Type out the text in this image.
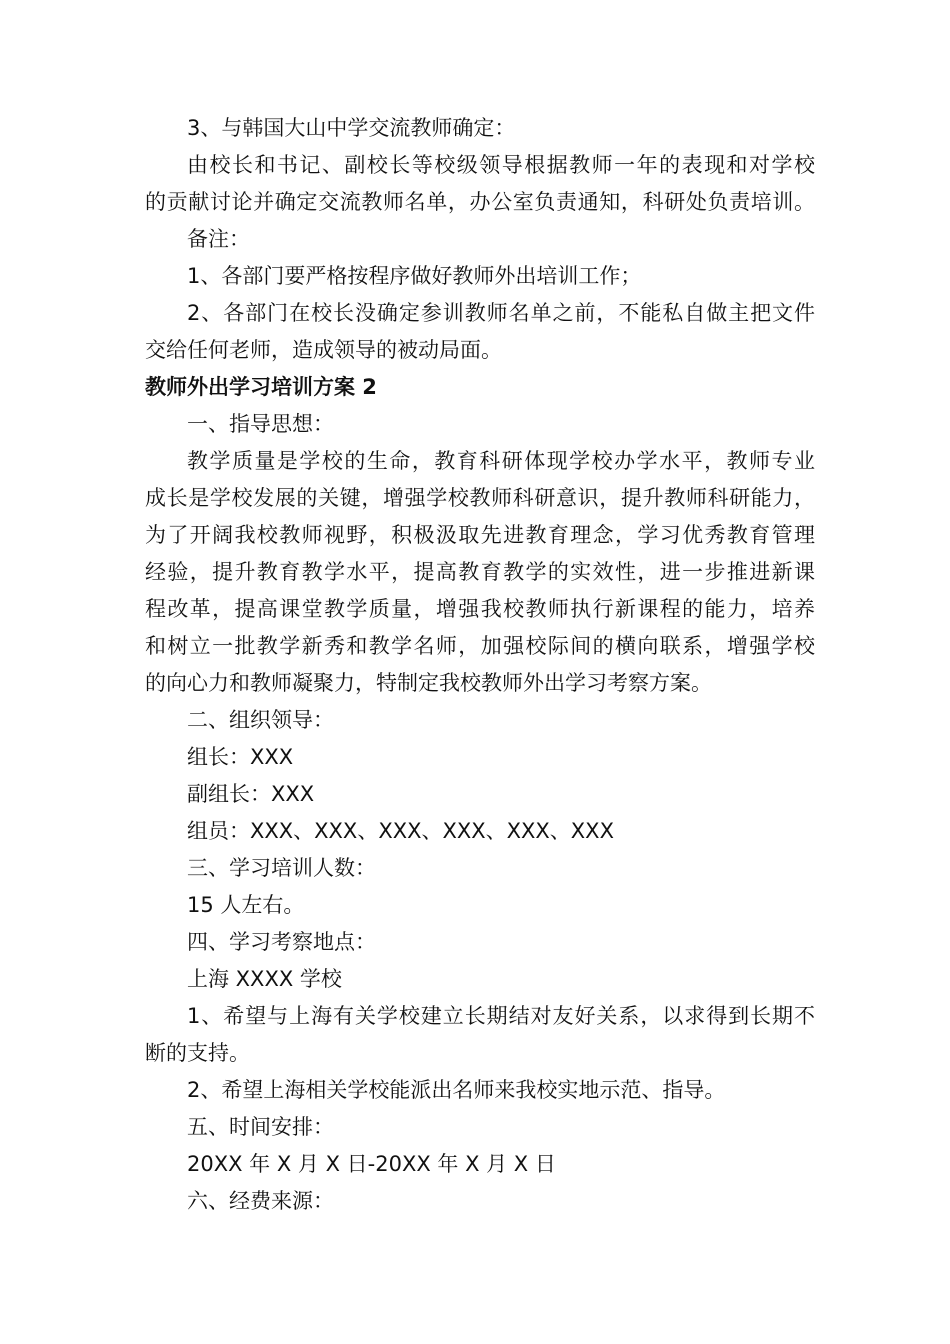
3、与韩国大山中学交流教师确定：
由校长和书记、副校长等校级领导根据教师一年的表现和对学校
的贡献讨论并确定交流教师名单，办公室负责通知，科研处负责培训。
备注：
1、各部门要严格按程序做好教师外出培训工作；
2、各部门在校长没确定参训教师名单之前，不能私自做主把文件
交给任何老师，造成领导的被动局面。
教师外出学习培训方案 2
一、指导思想：
教学质量是学校的生命，教育科研体现学校办学水平，教师专业
成长是学校发展的关键，增强学校教师科研意识，提升教师科研能力，
为了开阔我校教师视野，积极汲取先进教育理念，学习优秀教育管理
经验，提升教育教学水平，提高教育教学的实效性，进一步推进新课
程改革，提高课堂教学质量，增强我校教师执行新课程的能力，培养
和树立一批教学新秀和教学名师，加强校际间的横向联系，增强学校
的向心力和教师凝聚力，特制定我校教师外出学习考察方案。
二、组织领导：
组长：XXX
副组长：XXX
组员：XXX、XXX、XXX、XXX、XXX、XXX
三、学习培训人数：
15 人左右。
四、学习考察地点：
上海 XXXX 学校
1、希望与上海有关学校建立长期结对友好关系，以求得到长期不
断的支持。
2、希望上海相关学校能派出名师来我校实地示范、指导。
五、时间安排：
20XX 年 X 月 X 日-20XX 年 X 月 X 日
六、经费来源：
